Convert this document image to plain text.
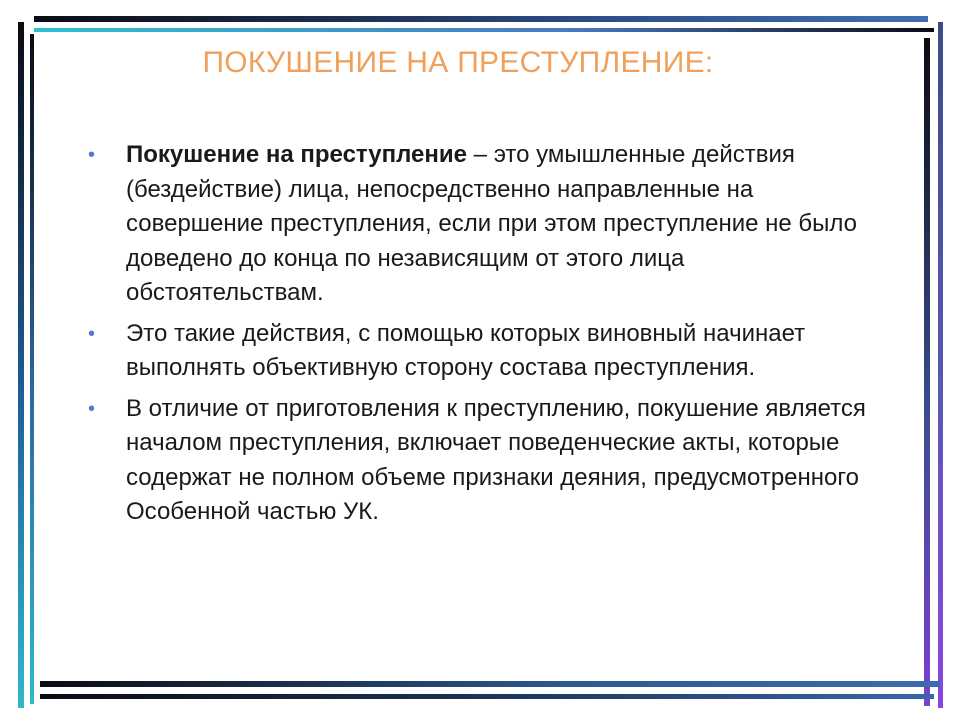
ПОКУШЕНИЕ НА ПРЕСТУПЛЕНИЕ:
• Покушение на преступление – это умышленные действия (бездействие) лица, непосредственно направленные на совершение преступления, если при этом преступление не было доведено до конца по независящим от этого лица обстоятельствам.
• Это такие действия, с помощью которых виновный начинает выполнять объективную сторону состава преступления.
• В отличие от приготовления к преступлению, покушение является началом преступления, включает поведенческие акты, которые содержат не полном объеме признаки деяния, предусмотренного Особенной частью УК.
